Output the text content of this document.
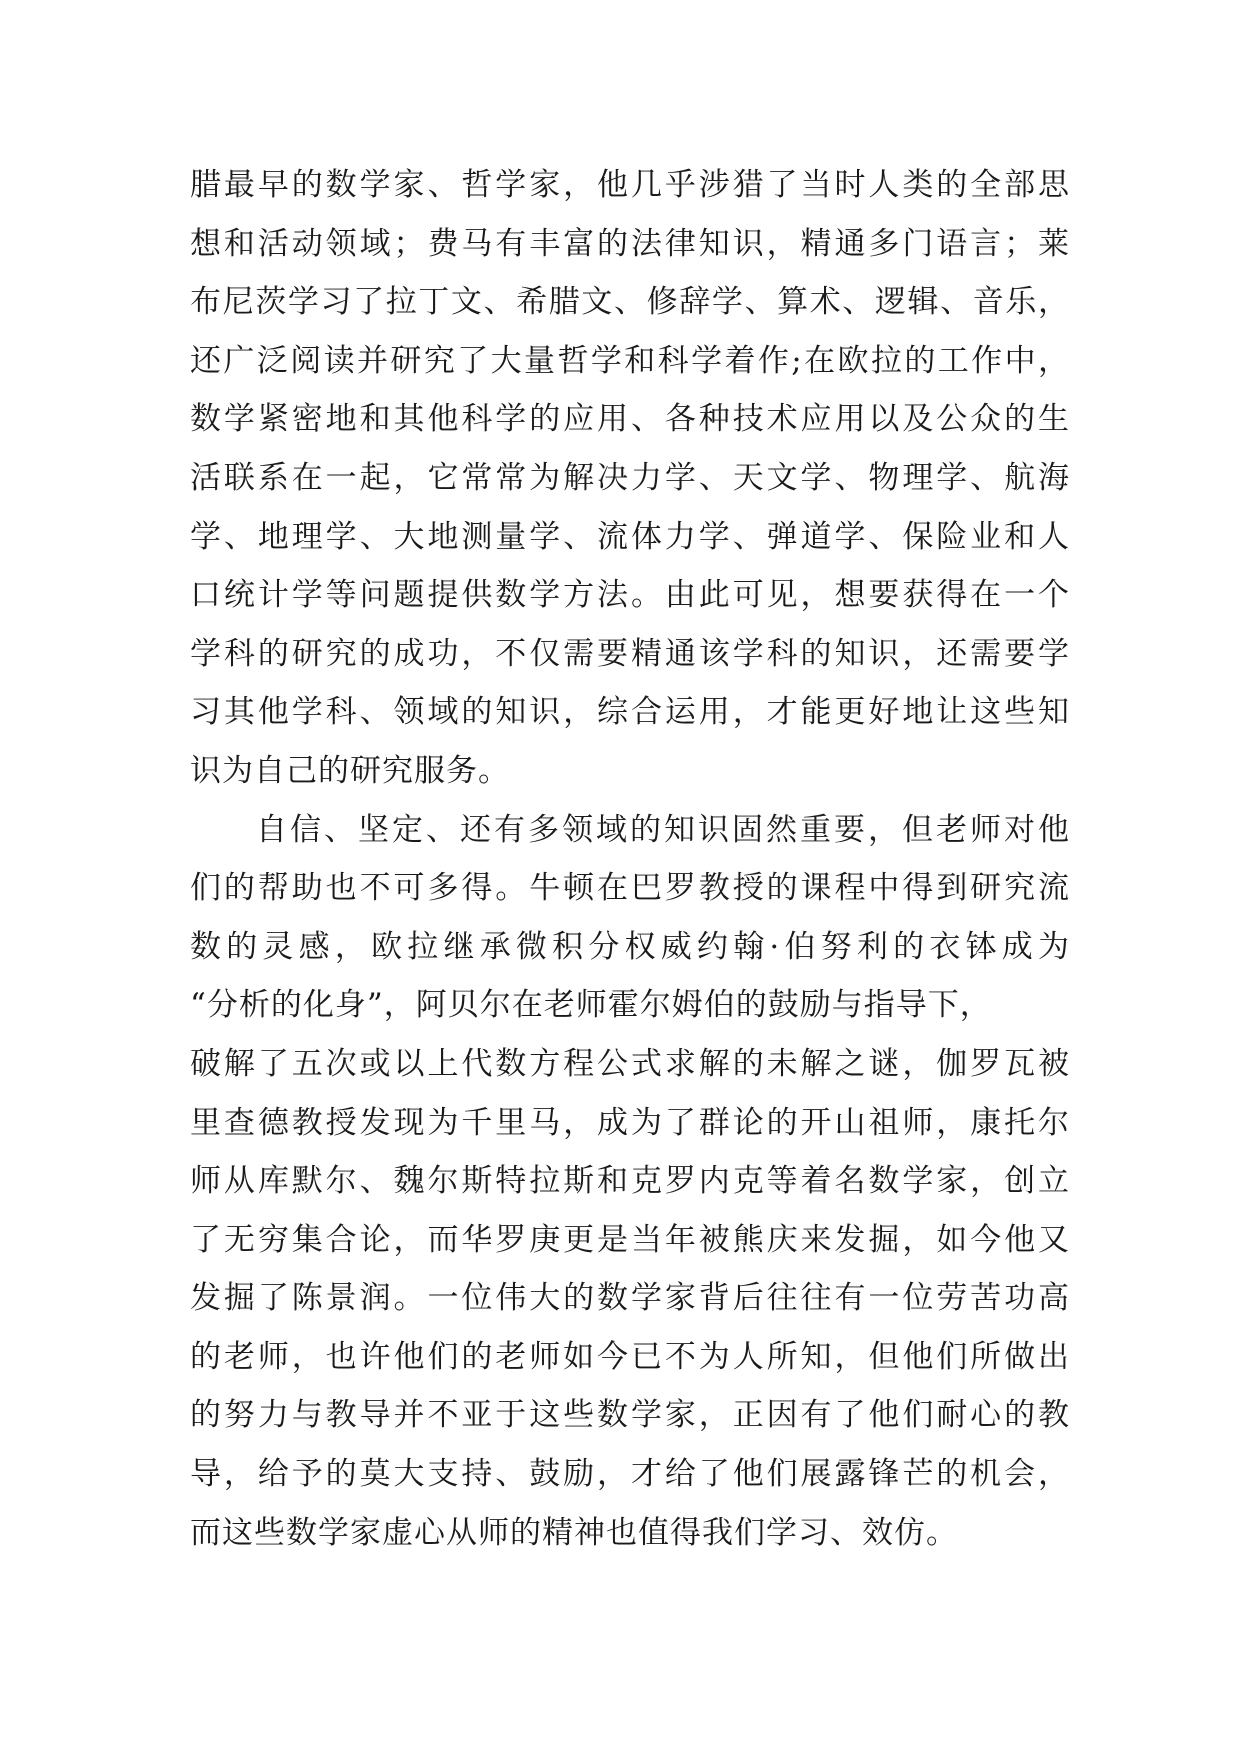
腊最早的数学家、哲学家，他几乎涉猎了当时人类的全部思
想和活动领域；费马有丰富的法律知识，精通多门语言；莱
布尼茨学习了拉丁文、希腊文、修辞学、算术、逻辑、音乐，
还广泛阅读并研究了大量哲学和科学着作;在欧拉的工作中，
数学紧密地和其他科学的应用、各种技术应用以及公众的生
活联系在一起，它常常为解决力学、天文学、物理学、航海
学、地理学、大地测量学、流体力学、弹道学、保险业和人
口统计学等问题提供数学方法。由此可见，想要获得在一个
学科的研究的成功，不仅需要精通该学科的知识，还需要学
习其他学科、领域的知识，综合运用，才能更好地让这些知
识为自己的研究服务。
自信、坚定、还有多领域的知识固然重要，但老师对他
们的帮助也不可多得。牛顿在巴罗教授的课程中得到研究流
数的灵感，欧拉继承微积分权威约翰·伯努利的衣钵成为
“分析的化身”，阿贝尔在老师霍尔姆伯的鼓励与指导下，
破解了五次或以上代数方程公式求解的未解之谜，伽罗瓦被
里查德教授发现为千里马，成为了群论的开山祖师，康托尔
师从库默尔、魏尔斯特拉斯和克罗内克等着名数学家，创立
了无穷集合论，而华罗庚更是当年被熊庆来发掘，如今他又
发掘了陈景润。一位伟大的数学家背后往往有一位劳苦功高
的老师，也许他们的老师如今已不为人所知，但他们所做出
的努力与教导并不亚于这些数学家，正因有了他们耐心的教
导，给予的莫大支持、鼓励，才给了他们展露锋芒的机会，
而这些数学家虚心从师的精神也值得我们学习、效仿。
